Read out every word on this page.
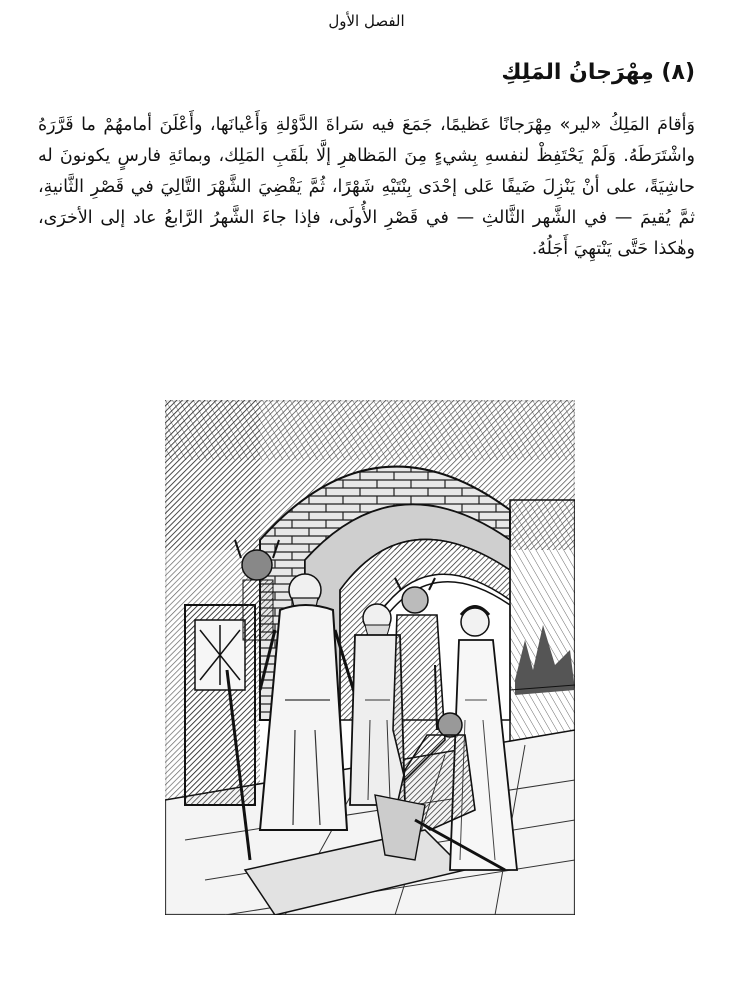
الفصل الأول
(٨) مِهْرَجانُ المَلِكِ

وَأقامَ المَلِكُ «لير» مِهْرَجانًا عَظيمًا، جَمَعَ فيه سَراةَ الدَّوْلةِ وَأَعْيانَها، وأَعْلَنَ أمامهُمْ ما قَرَّرَهُ واشْتَرَطَهُ. وَلَمْ يَحْتَفِظْ لنفسهِ بِشيءٍ مِنَ المَظاهرِ إلَّا بلَقَبِ المَلِك، وبمائةِ فارسٍ يكونونَ له حاشِيَةً، على أنْ يَنْزِلَ ضَيفًا عَلى إحْدَى بِنْتَيْهِ شَهْرًا، ثُمَّ يَقْضِيَ الشَّهْرَ التَّالِيَ في قَصْرِ الثَّانيةِ، ثمَّ يُقيمَ — في الشَّهر الثَّالثِ — في قَصْرِ الأُولَى، فإذا جاءَ الشَّهرُ الرَّابعُ عاد إلى الأخرَى، وهٰكذا حَتَّى يَنْتهِيَ أَجَلُهُ.
